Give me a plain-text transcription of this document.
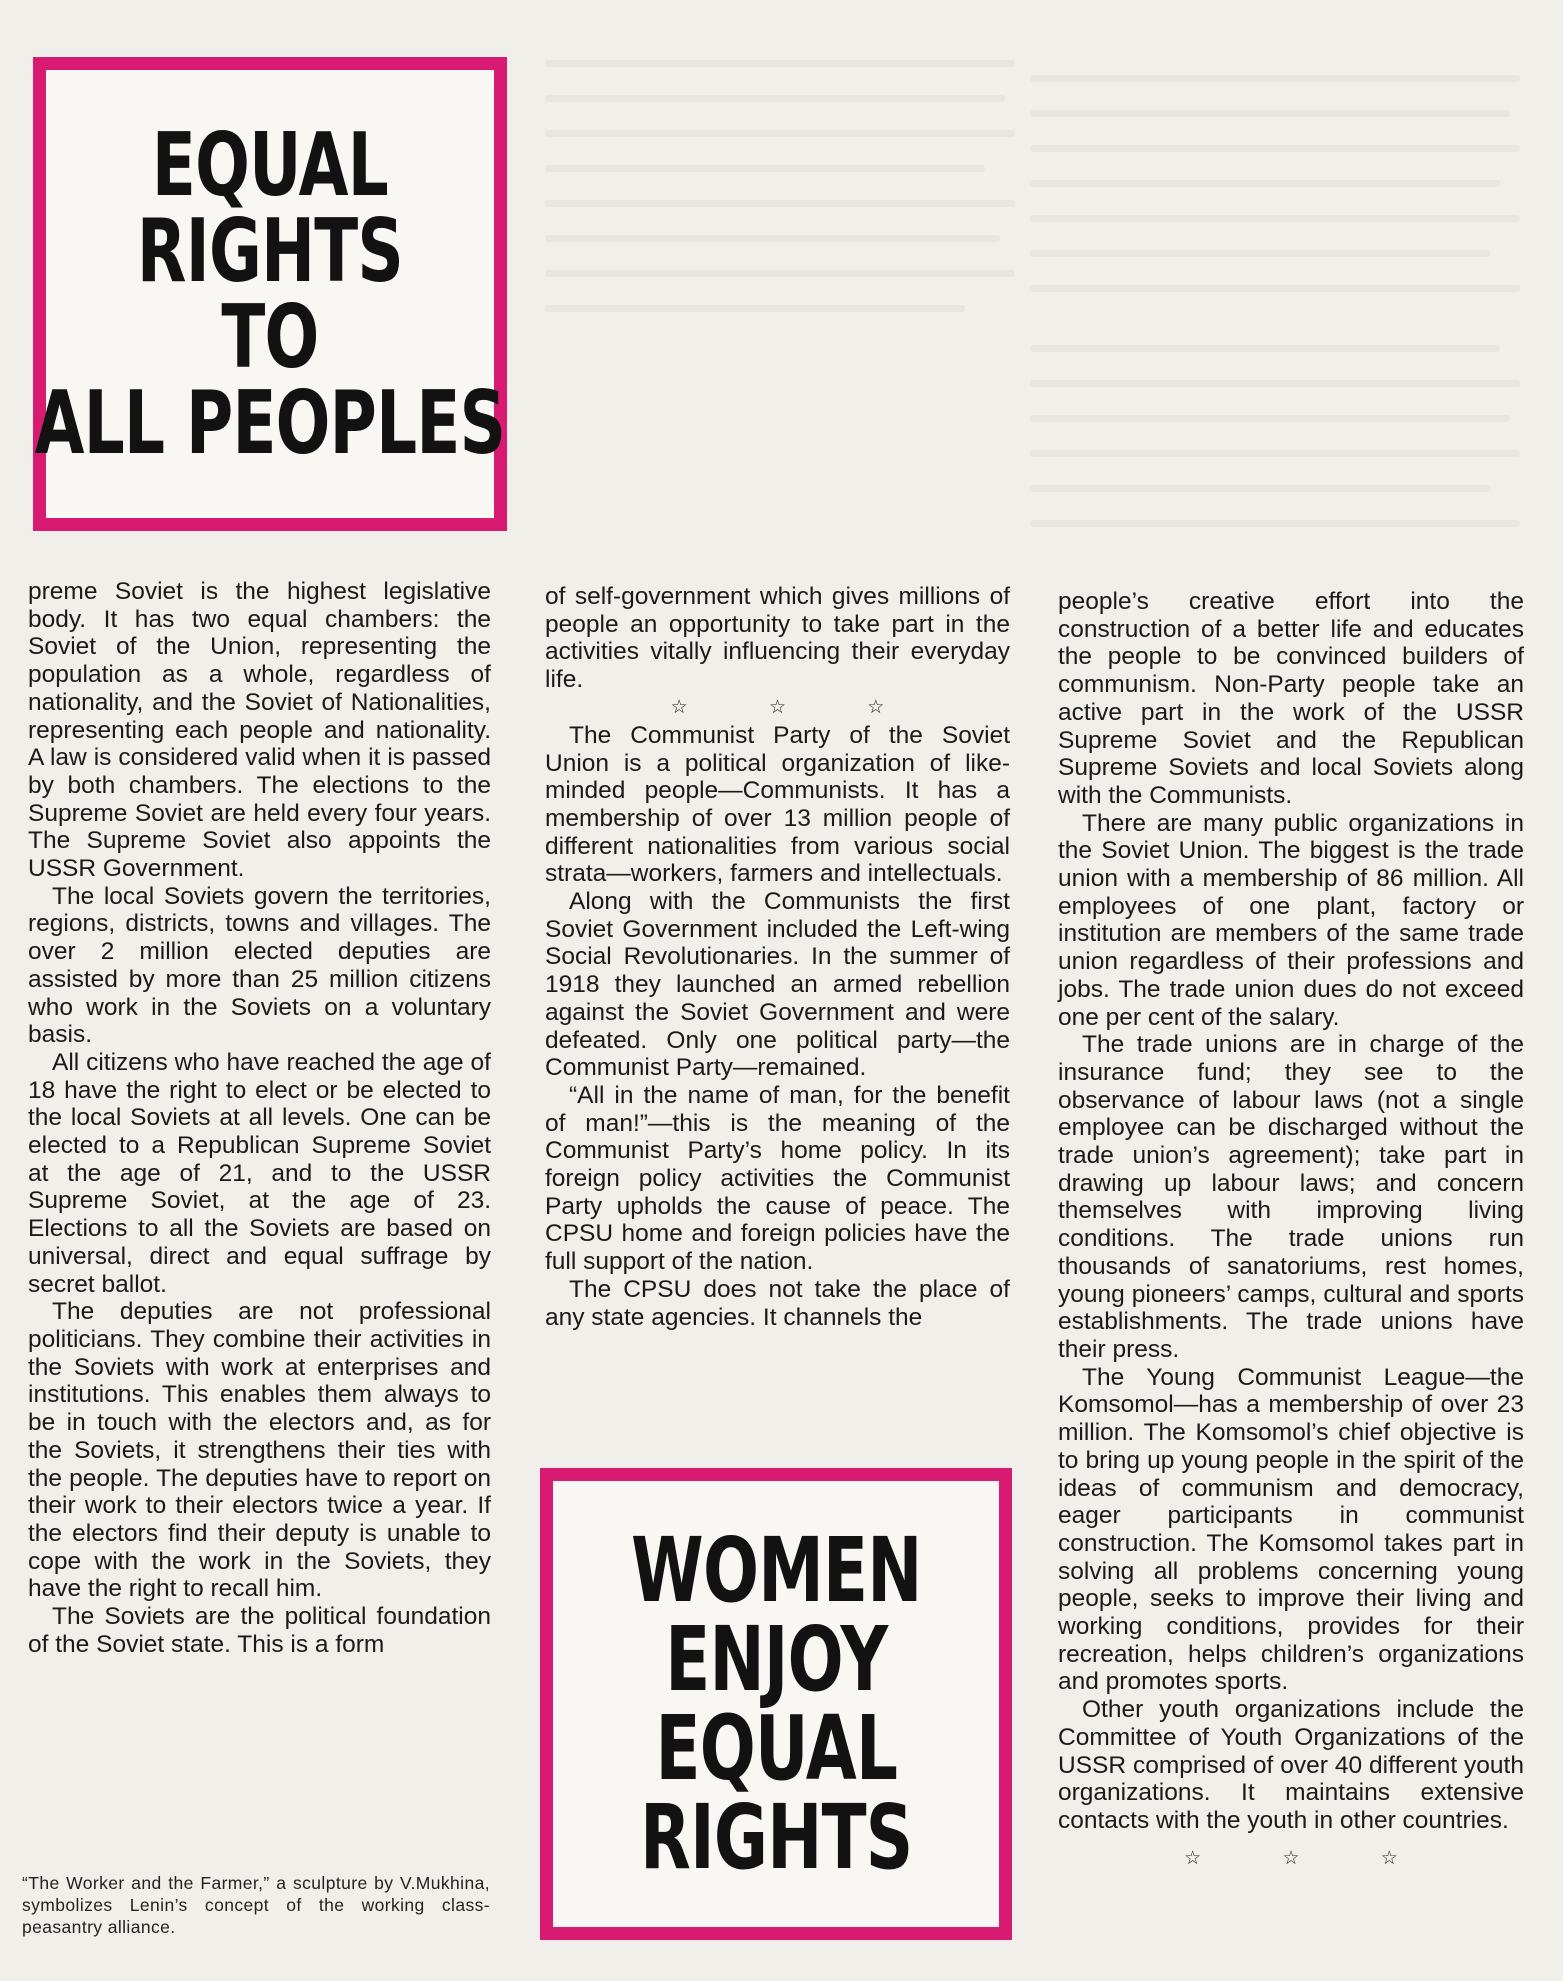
EQUAL
RIGHTS
TO
ALL PEOPLES

preme Soviet is the highest legislative body. It has two equal chambers: the Soviet of the Union, representing the population as a whole, regardless of nationality, and the Soviet of Nationalities, representing each people and nationality. A law is considered valid when it is passed by both chambers. The elections to the Supreme Soviet are held every four years. The Supreme Soviet also appoints the USSR Government.

The local Soviets govern the territories, regions, districts, towns and villages. The over 2 million elected deputies are assisted by more than 25 million citizens who work in the Soviets on a voluntary basis.

All citizens who have reached the age of 18 have the right to elect or be elected to the local Soviets at all levels. One can be elected to a Republican Supreme Soviet at the age of 21, and to the USSR Supreme Soviet, at the age of 23. Elections to all the Soviets are based on universal, direct and equal suffrage by secret ballot.

The deputies are not professional politicians. They combine their activities in the Soviets with work at enterprises and institutions. This enables them always to be in touch with the electors and, as for the Soviets, it strengthens their ties with the people. The deputies have to report on their work to their electors twice a year. If the electors find their deputy is unable to cope with the work in the Soviets, they have the right to recall him.

The Soviets are the political foundation of the Soviet state. This is a form

“The Worker and the Farmer,” a sculpture by V.Mukhina, symbolizes Lenin’s concept of the working class-peasantry alliance.

of self-government which gives millions of people an opportunity to take part in the activities vitally influencing their everyday life.

☆ ☆ ☆

The Communist Party of the Soviet Union is a political organization of like-minded people—Communists. It has a membership of over 13 million people of different nationalities from various social strata—workers, farmers and intellectuals.

Along with the Communists the first Soviet Government included the Left-wing Social Revolutionaries. In the summer of 1918 they launched an armed rebellion against the Soviet Government and were defeated. Only one political party—the Communist Party—remained.

“All in the name of man, for the benefit of man!”—this is the meaning of the Communist Party’s home policy. In its foreign policy activities the Communist Party upholds the cause of peace. The CPSU home and foreign policies have the full support of the nation.

The CPSU does not take the place of any state agencies. It channels the

WOMEN
ENJOY
EQUAL
RIGHTS

people’s creative effort into the construction of a better life and educates the people to be convinced builders of communism. Non-Party people take an active part in the work of the USSR Supreme Soviet and the Republican Supreme Soviets and local Soviets along with the Communists.

There are many public organizations in the Soviet Union. The biggest is the trade union with a membership of 86 million. All employees of one plant, factory or institution are members of the same trade union regardless of their professions and jobs. The trade union dues do not exceed one per cent of the salary.

The trade unions are in charge of the insurance fund; they see to the observance of labour laws (not a single employee can be discharged without the trade union’s agreement); take part in drawing up labour laws; and concern themselves with improving living conditions. The trade unions run thousands of sanatoriums, rest homes, young pioneers’ camps, cultural and sports establishments. The trade unions have their press.

The Young Communist League—the Komsomol—has a membership of over 23 million. The Komsomol’s chief objective is to bring up young people in the spirit of the ideas of communism and democracy, eager participants in communist construction. The Komsomol takes part in solving all problems concerning young people, seeks to improve their living and working conditions, provides for their recreation, helps children’s organizations and promotes sports.

Other youth organizations include the Committee of Youth Organizations of the USSR comprised of over 40 different youth organizations. It maintains extensive contacts with the youth in other countries.

☆ ☆ ☆
